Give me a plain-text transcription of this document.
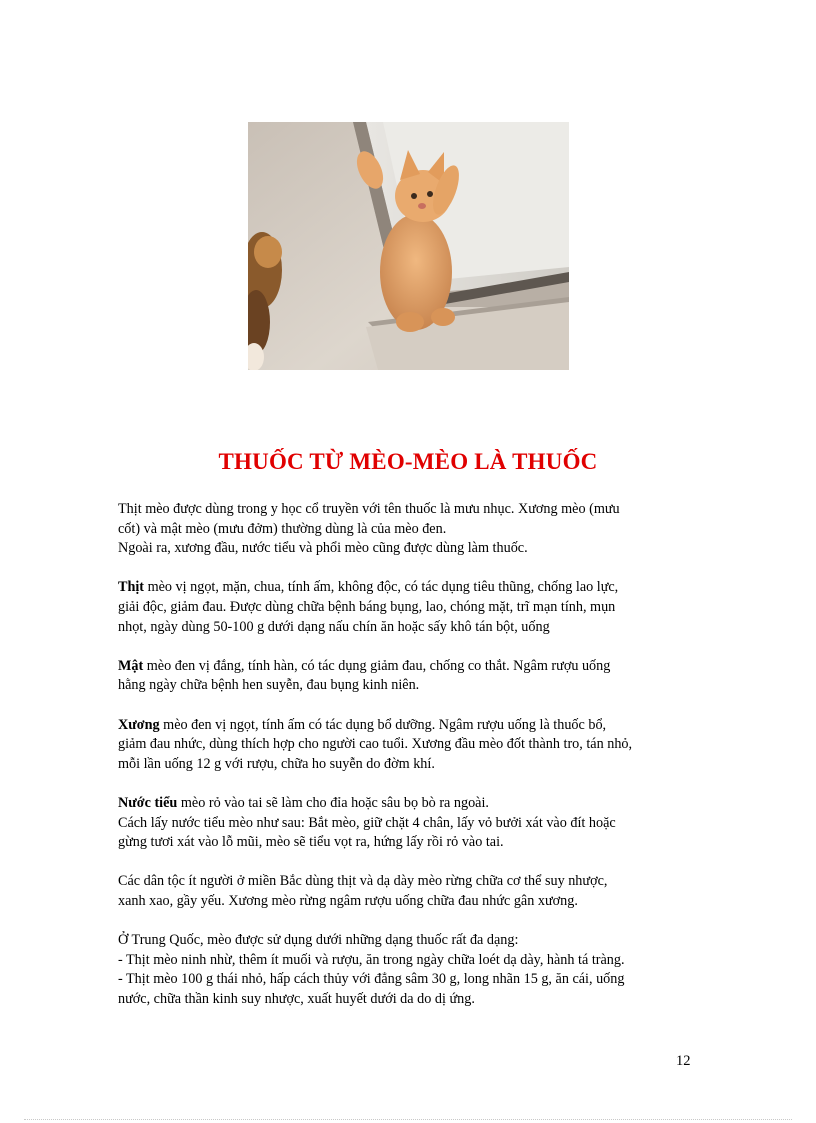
THUỐC TỪ MÈO-MÈO LÀ THUỐC

Thịt mèo được dùng trong y học cổ truyền với tên thuốc là mưu nhục. Xương mèo (mưu
cốt) và mật mèo (mưu đởm) thường dùng là của mèo đen.
Ngoài ra, xương đầu, nước tiểu và phổi mèo cũng được dùng làm thuốc.

Thịt mèo vị ngọt, mặn, chua, tính ấm, không độc, có tác dụng tiêu thũng, chống lao lực,
giải độc, giảm đau. Được dùng chữa bệnh báng bụng, lao, chóng mặt, trĩ mạn tính, mụn
nhọt, ngày dùng 50-100 g dưới dạng nấu chín ăn hoặc sấy khô tán bột, uống

Mật mèo đen vị đắng, tính hàn, có tác dụng giảm đau, chống co thắt. Ngâm rượu uống
hằng ngày chữa bệnh hen suyễn, đau bụng kinh niên.

Xương mèo đen vị ngọt, tính ấm có tác dụng bổ dưỡng. Ngâm rượu uống là thuốc bổ,
giảm đau nhức, dùng thích hợp cho người cao tuổi. Xương đầu mèo đốt thành tro, tán nhỏ,
mỗi lần uống 12 g với rượu, chữa ho suyễn do đờm khí.

Nước tiểu mèo rỏ vào tai sẽ làm cho đỉa hoặc sâu bọ bò ra ngoài.
Cách lấy nước tiểu mèo như sau: Bắt mèo, giữ chặt 4 chân, lấy vỏ bưởi xát vào đít hoặc
gừng tươi xát vào lỗ mũi, mèo sẽ tiểu vọt ra, hứng lấy rồi rỏ vào tai.

Các dân tộc ít người ở miền Bắc dùng thịt và dạ dày mèo rừng chữa cơ thể suy nhược,
xanh xao, gầy yếu. Xương mèo rừng ngâm rượu uống chữa đau nhức gân xương.

Ở Trung Quốc, mèo được sử dụng dưới những dạng thuốc rất đa dạng:
- Thịt mèo ninh nhừ, thêm ít muối và rượu, ăn trong ngày chữa loét dạ dày, hành tá tràng.
- Thịt mèo 100 g thái nhỏ, hấp cách thủy với đẳng sâm 30 g, long nhãn 15 g, ăn cái, uống
nước, chữa thần kinh suy nhược, xuất huyết dưới da do dị ứng.

12
